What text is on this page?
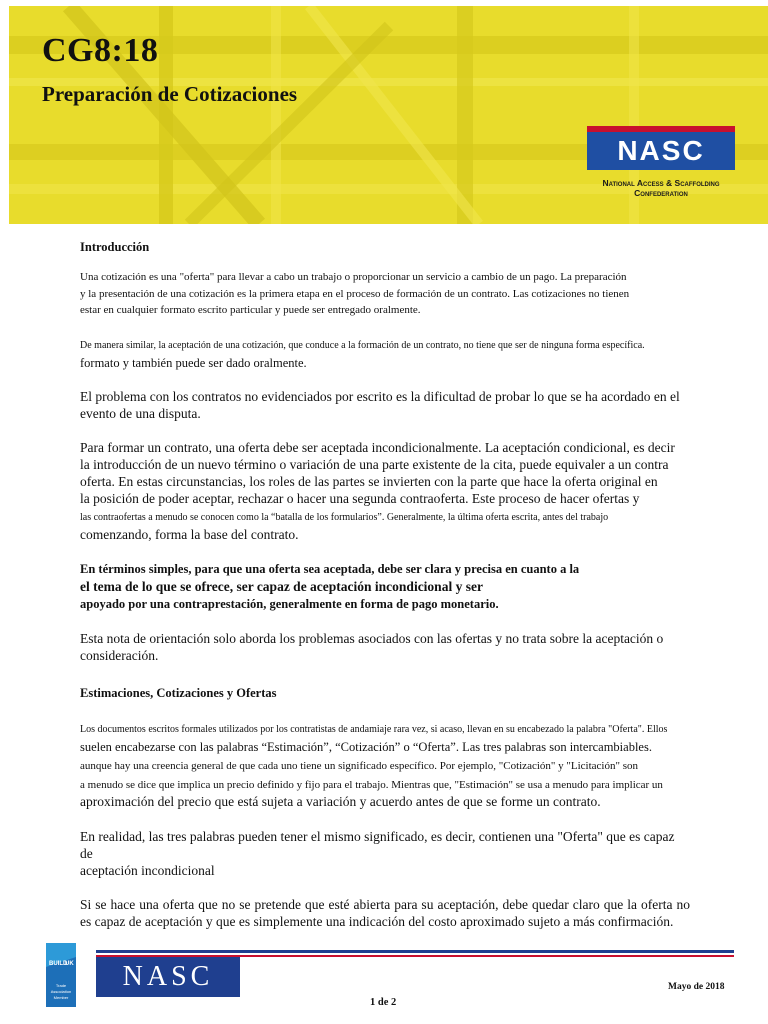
CG8:18
Preparación de Cotizaciones
NASC
National Access & Scaffolding
Confederation
Introducción

Una cotización es una "oferta" para llevar a cabo un trabajo o proporcionar un servicio a cambio de un pago. La preparación
y la presentación de una cotización es la primera etapa en el proceso de formación de un contrato. Las cotizaciones no tienen
estar en cualquier formato escrito particular y puede ser entregado oralmente.

De manera similar, la aceptación de una cotización, que conduce a la formación de un contrato, no tiene que ser de ninguna forma específica.
formato y también puede ser dado oralmente.

El problema con los contratos no evidenciados por escrito es la dificultad de probar lo que se ha acordado en el evento de una disputa.

Para formar un contrato, una oferta debe ser aceptada incondicionalmente. La aceptación condicional, es decir
la introducción de un nuevo término o variación de una parte existente de la cita, puede equivaler a un contra
oferta. En estas circunstancias, los roles de las partes se invierten con la parte que hace la oferta original en
la posición de poder aceptar, rechazar o hacer una segunda contraoferta. Este proceso de hacer ofertas y
las contraofertas a menudo se conocen como la “batalla de los formularios”. Generalmente, la última oferta escrita, antes del trabajo
comenzando, forma la base del contrato.

En términos simples, para que una oferta sea aceptada, debe ser clara y precisa en cuanto a la
el tema de lo que se ofrece, ser capaz de aceptación incondicional y ser
apoyado por una contraprestación, generalmente en forma de pago monetario.

Esta nota de orientación solo aborda los problemas asociados con las ofertas y no trata sobre la aceptación o consideración.

Estimaciones, Cotizaciones y Ofertas

Los documentos escritos formales utilizados por los contratistas de andamiaje rara vez, si acaso, llevan en su encabezado la palabra "Oferta". Ellos
suelen encabezarse con las palabras “Estimación”, “Cotización” o “Oferta”. Las tres palabras son intercambiables.
aunque hay una creencia general de que cada uno tiene un significado específico. Por ejemplo, "Cotización" y "Licitación" son
a menudo se dice que implica un precio definido y fijo para el trabajo. Mientras que, "Estimación" se usa a menudo para implicar un
aproximación del precio que está sujeta a variación y acuerdo antes de que se forme un contrato.

En realidad, las tres palabras pueden tener el mismo significado, es decir, contienen una "Oferta" que es capaz de
aceptación incondicional

Si se hace una oferta que no se pretende que esté abierta para su aceptación, debe quedar claro que la oferta no es capaz de aceptación y que es simplemente una indicación del costo aproximado sujeto a más confirmación.

BUILD
UK
Trade
Association
Member
NASC	Mayo de 2018
1 de 2
